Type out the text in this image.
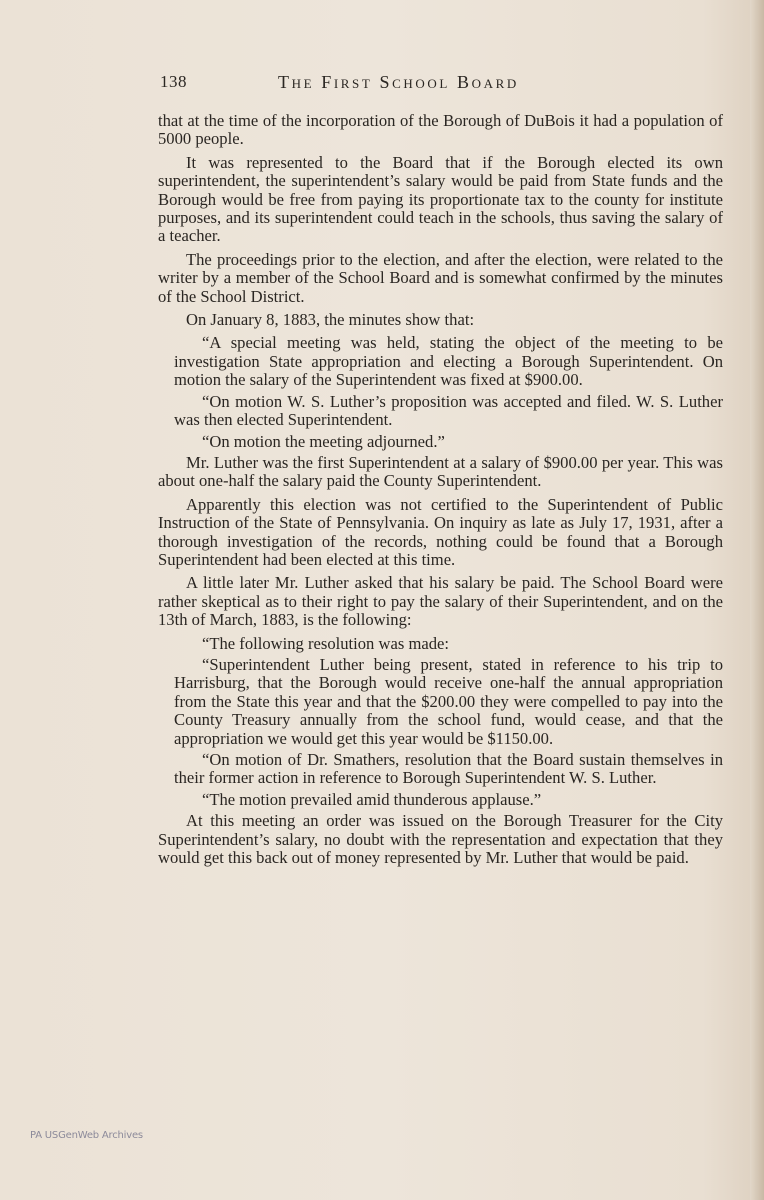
138	The First School Board

that at the time of the incorporation of the Borough of DuBois it had a population of 5000 people.

It was represented to the Board that if the Borough elected its own superintendent, the superintendent’s salary would be paid from State funds and the Borough would be free from paying its proportionate tax to the county for institute purposes, and its superintendent could teach in the schools, thus saving the salary of a teacher.

The proceedings prior to the election, and after the election, were related to the writer by a member of the School Board and is somewhat confirmed by the minutes of the School District.

On January 8, 1883, the minutes show that:

“A special meeting was held, stating the object of the meeting to be investigation State appropriation and electing a Borough Superintendent. On motion the salary of the Superintendent was fixed at $900.00.

“On motion W. S. Luther’s proposition was accepted and filed. W. S. Luther was then elected Superintendent.

“On motion the meeting adjourned.”

Mr. Luther was the first Superintendent at a salary of $900.00 per year. This was about one-half the salary paid the County Superintendent.

Apparently this election was not certified to the Superintendent of Public Instruction of the State of Pennsylvania. On inquiry as late as July 17, 1931, after a thorough investigation of the records, nothing could be found that a Borough Superintendent had been elected at this time.

A little later Mr. Luther asked that his salary be paid. The School Board were rather skeptical as to their right to pay the salary of their Superintendent, and on the 13th of March, 1883, is the following:

“The following resolution was made:

“Superintendent Luther being present, stated in reference to his trip to Harrisburg, that the Borough would receive one-half the annual appropriation from the State this year and that the $200.00 they were compelled to pay into the County Treasury annually from the school fund, would cease, and that the appropriation we would get this year would be $1150.00.

“On motion of Dr. Smathers, resolution that the Board sustain themselves in their former action in reference to Borough Superintendent W. S. Luther.

“The motion prevailed amid thunderous applause.”

At this meeting an order was issued on the Borough Treasurer for the City Superintendent’s salary, no doubt with the representation and expectation that they would get this back out of money represented by Mr. Luther that would be paid.

PA USGenWeb Archives
